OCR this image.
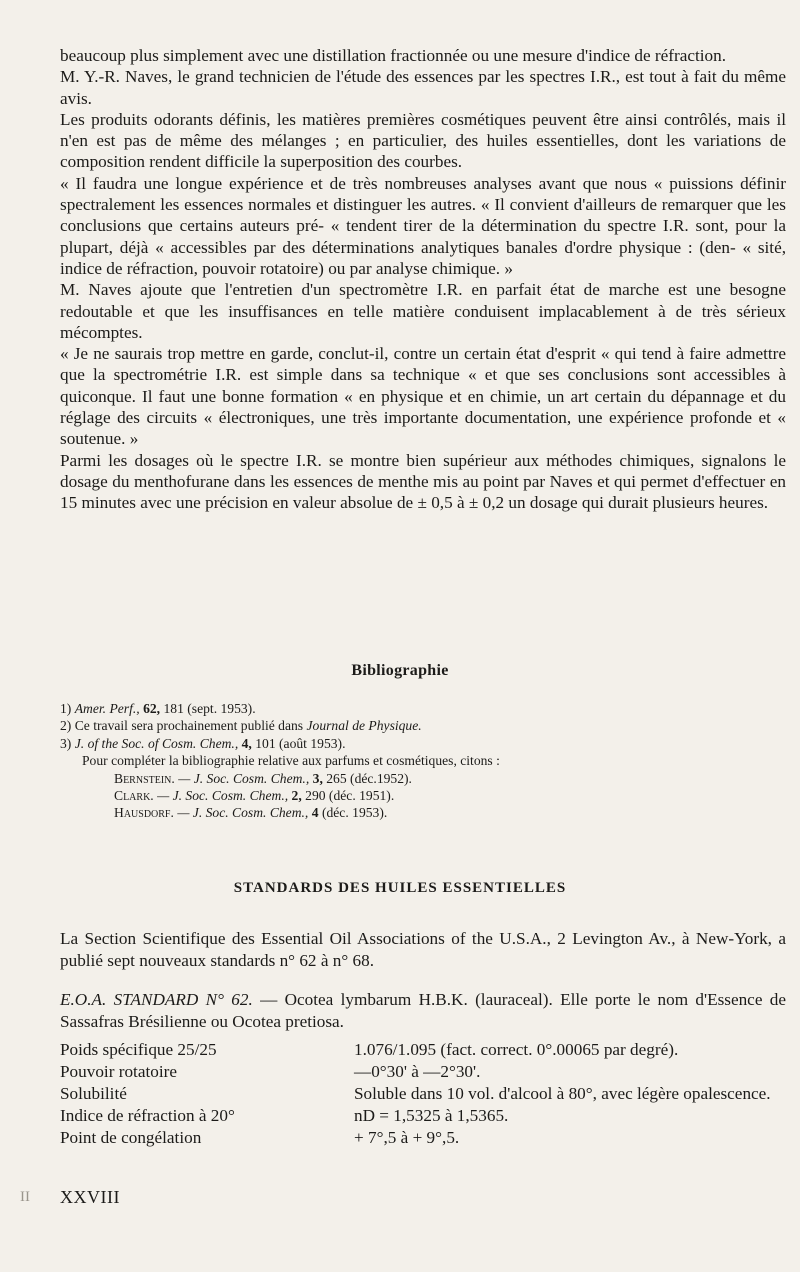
beaucoup plus simplement avec une distillation fractionnée ou une mesure d'indice de réfraction.

M. Y.-R. Naves, le grand technicien de l'étude des essences par les spectres I.R., est tout à fait du même avis.

Les produits odorants définis, les matières premières cosmétiques peuvent être ainsi contrôlés, mais il n'en est pas de même des mélanges ; en particulier, des huiles essentielles, dont les variations de composition rendent difficile la superposition des courbes.

« Il faudra une longue expérience et de très nombreuses analyses avant que nous « puissions définir spectralement les essences normales et distinguer les autres. « Il convient d'ailleurs de remarquer que les conclusions que certains auteurs pré- « tendent tirer de la détermination du spectre I.R. sont, pour la plupart, déjà « accessibles par des déterminations analytiques banales d'ordre physique : (den- « sité, indice de réfraction, pouvoir rotatoire) ou par analyse chimique. »

M. Naves ajoute que l'entretien d'un spectromètre I.R. en parfait état de marche est une besogne redoutable et que les insuffisances en telle matière conduisent implacablement à de très sérieux mécomptes.

« Je ne saurais trop mettre en garde, conclut-il, contre un certain état d'esprit « qui tend à faire admettre que la spectrométrie I.R. est simple dans sa technique « et que ses conclusions sont accessibles à quiconque. Il faut une bonne formation « en physique et en chimie, un art certain du dépannage et du réglage des circuits « électroniques, une très importante documentation, une expérience profonde et « soutenue. »

Parmi les dosages où le spectre I.R. se montre bien supérieur aux méthodes chimiques, signalons le dosage du menthofurane dans les essences de menthe mis au point par Naves et qui permet d'effectuer en 15 minutes avec une précision en valeur absolue de ± 0,5 à ± 0,2 un dosage qui durait plusieurs heures.

Bibliographie

1) Amer. Perf., 62, 181 (sept. 1953).

2) Ce travail sera prochainement publié dans Journal de Physique.

3) J. of the Soc. of Cosm. Chem., 4, 101 (août 1953).

Pour compléter la bibliographie relative aux parfums et cosmétiques, citons :

Bernstein. — J. Soc. Cosm. Chem., 3, 265 (déc.1952).

Clark. — J. Soc. Cosm. Chem., 2, 290 (déc. 1951).

Hausdorf. — J. Soc. Cosm. Chem., 4 (déc. 1953).

STANDARDS DES HUILES ESSENTIELLES
La Section Scientifique des Essential Oil Associations of the U.S.A., 2 Levington Av., à New-York, a publié sept nouveaux standards n° 62 à n° 68.
E.O.A. STANDARD N° 62. — Ocotea lymbarum H.B.K. (lauraceal). Elle porte le nom d'Essence de Sassafras Brésilienne ou Ocotea pretiosa.
Poids spécifique 25/25	1.076/1.095 (fact. correct. 0°.00065 par degré).
Pouvoir rotatoire	—0°30' à —2°30'.
Solubilité	Soluble dans 10 vol. d'alcool à 80°, avec légère opalescence.
Indice de réfraction à 20°	nD = 1,5325 à 1,5365.
Point de congélation	+ 7°,5 à + 9°,5.
II XXVIII
